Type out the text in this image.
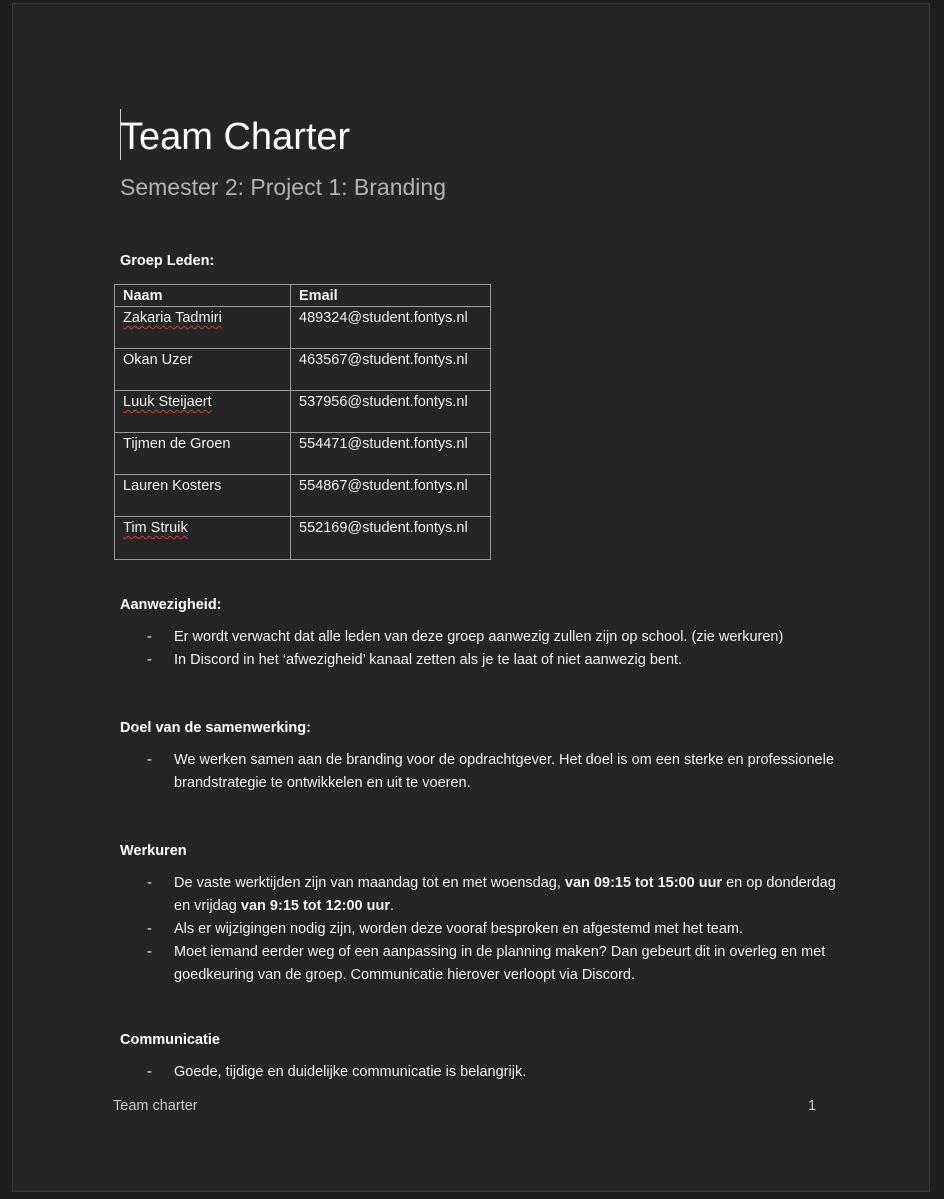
Team Charter
Semester 2: Project 1: Branding
Groep Leden:
Naam	Email
Zakaria Tadmiri	489324@student.fontys.nl
Okan Uzer	463567@student.fontys.nl
Luuk Steijaert	537956@student.fontys.nl
Tijmen de Groen	554471@student.fontys.nl
Lauren Kosters	554867@student.fontys.nl
Tim Struik	552169@student.fontys.nl
Aanwezigheid:
- Er wordt verwacht dat alle leden van deze groep aanwezig zullen zijn op school. (zie werkuren)
- In Discord in het ‘afwezigheid’ kanaal zetten als je te laat of niet aanwezig bent.
Doel van de samenwerking:
- We werken samen aan de branding voor de opdrachtgever. Het doel is om een sterke en professionele brandstrategie te ontwikkelen en uit te voeren.
Werkuren
- De vaste werktijden zijn van maandag tot en met woensdag, van 09:15 tot 15:00 uur en op donderdag en vrijdag van 9:15 tot 12:00 uur.
- Als er wijzigingen nodig zijn, worden deze vooraf besproken en afgestemd met het team.
- Moet iemand eerder weg of een aanpassing in de planning maken? Dan gebeurt dit in overleg en met goedkeuring van de groep. Communicatie hierover verloopt via Discord.
Communicatie
- Goede, tijdige en duidelijke communicatie is belangrijk.
Team charter	1
